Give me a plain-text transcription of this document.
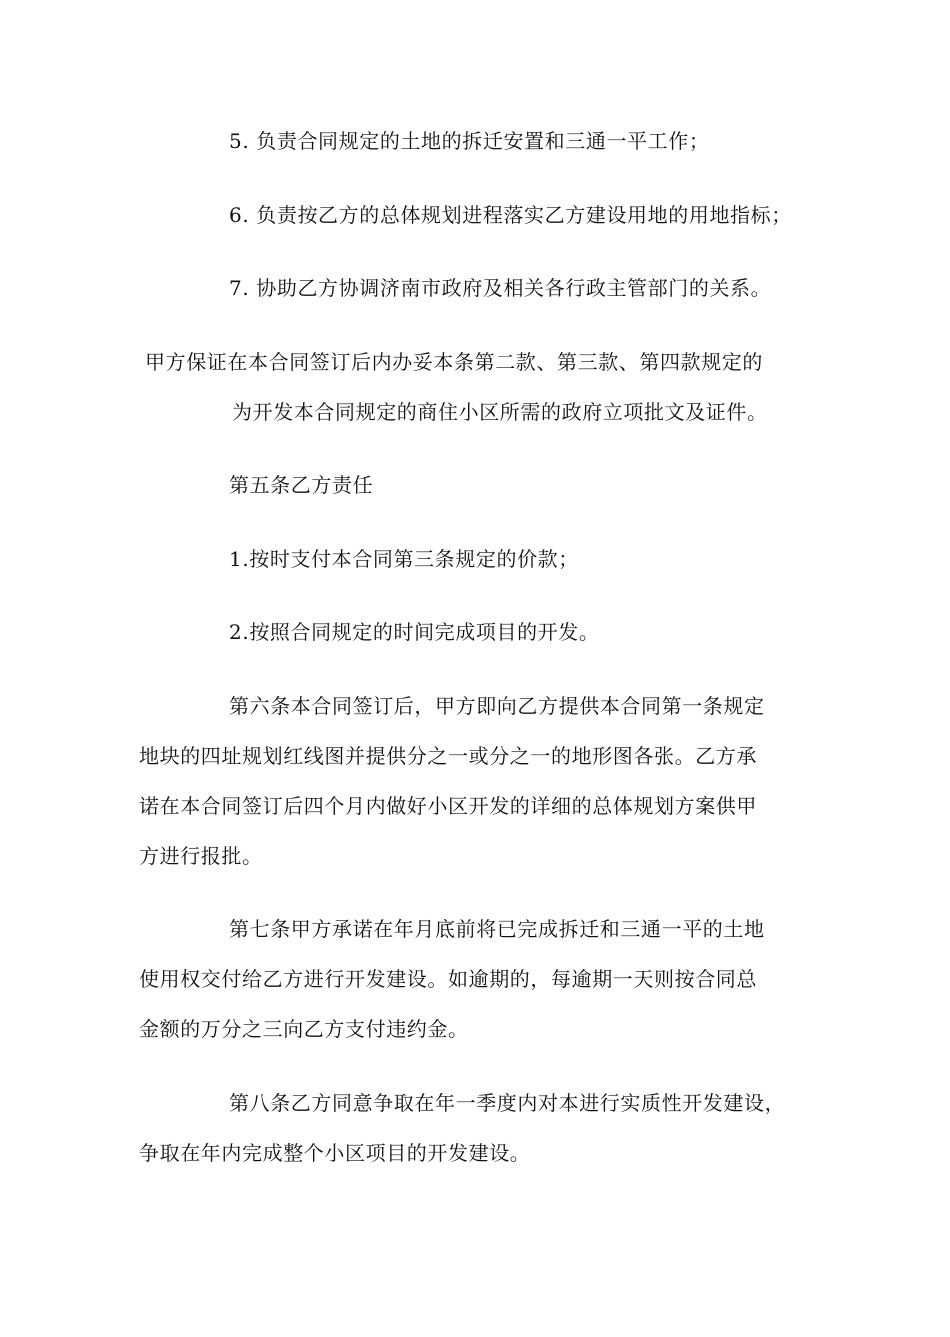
5. 负责合同规定的土地的拆迁安置和三通一平工作；
6. 负责按乙方的总体规划进程落实乙方建设用地的用地指标；
7. 协助乙方协调济南市政府及相关各行政主管部门的关系。
甲方保证在本合同签订后内办妥本条第二款、第三款、第四款规定的
为开发本合同规定的商住小区所需的政府立项批文及证件。
第五条乙方责任
1.按时支付本合同第三条规定的价款；
2.按照合同规定的时间完成项目的开发。
第六条本合同签订后，甲方即向乙方提供本合同第一条规定
地块的四址规划红线图并提供分之一或分之一的地形图各张。乙方承
诺在本合同签订后四个月内做好小区开发的详细的总体规划方案供甲
方进行报批。
第七条甲方承诺在年月底前将已完成拆迁和三通一平的土地
使用权交付给乙方进行开发建设。如逾期的，每逾期一天则按合同总
金额的万分之三向乙方支付违约金。
第八条乙方同意争取在年一季度内对本进行实质性开发建设，
争取在年内完成整个小区项目的开发建设。
